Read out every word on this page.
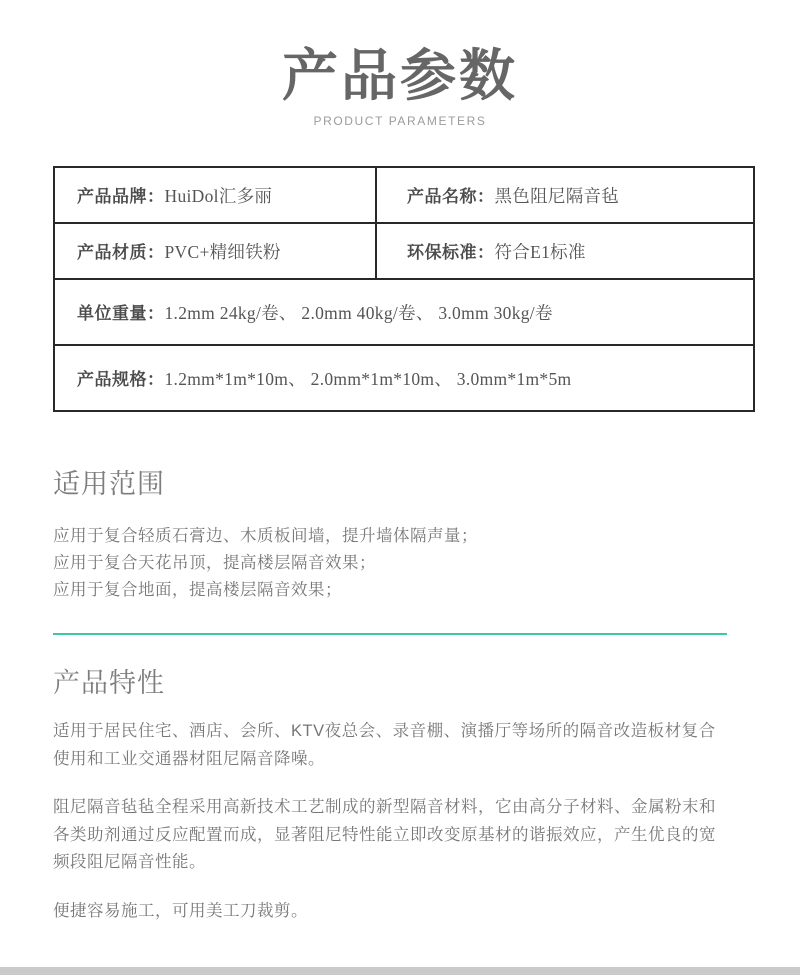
产品参数
PRODUCT PARAMETERS
产品品牌：HuiDol汇多丽	产品名称：黑色阻尼隔音毡
产品材质：PVC+精细铁粉	环保标准：符合E1标准
单位重量：1.2mm 24kg/卷、 2.0mm 40kg/卷、 3.0mm 30kg/卷	
产品规格：1.2mm*1m*10m、 2.0mm*1m*10m、 3.0mm*1m*5m	
适用范围
应用于复合轻质石膏边、木质板间墙，提升墙体隔声量；
应用于复合天花吊顶，提高楼层隔音效果；
应用于复合地面，提高楼层隔音效果；
产品特性

适用于居民住宅、酒店、会所、KTV夜总会、录音棚、演播厅等场所的隔音改造板材复合使用和工业交通器材阻尼隔音降噪。

阻尼隔音毡毡全程采用高新技术工艺制成的新型隔音材料，它由高分子材料、金属粉末和各类助剂通过反应配置而成，显著阻尼特性能立即改变原基材的谐振效应，产生优良的宽频段阻尼隔音性能。

便捷容易施工，可用美工刀裁剪。
